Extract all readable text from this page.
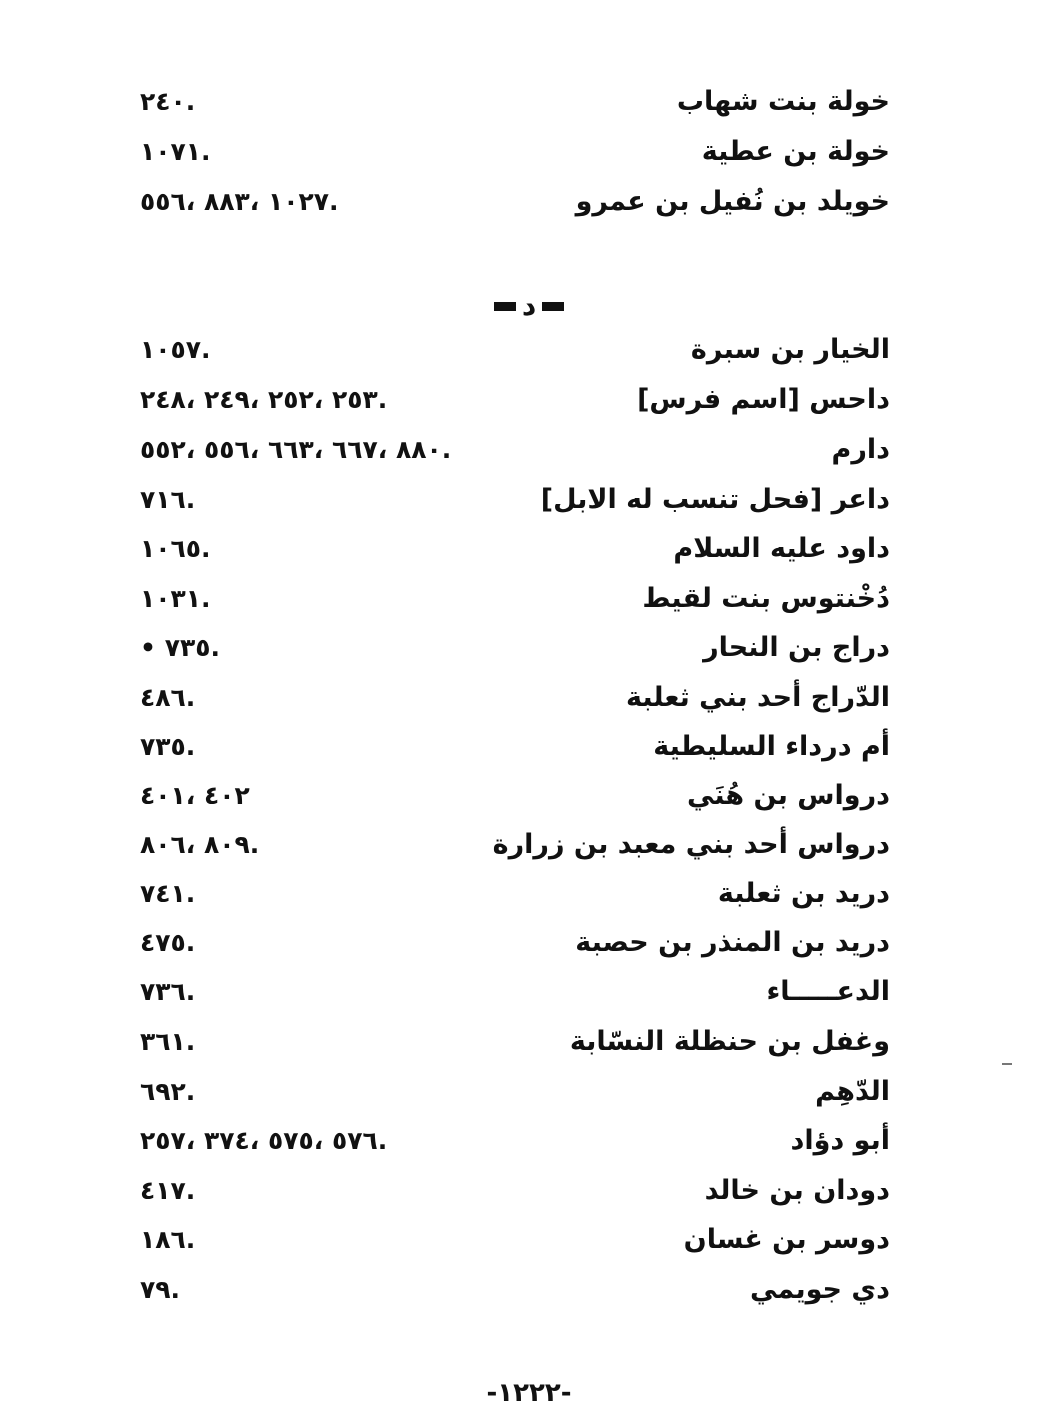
خولة بنت شهاب
.٢٤٠
خولة بن عطية
.١٠٧١
خويلد بن نُفيل بن عمرو
.١٠٢٧ ،٨٨٣ ،٥٥٦
د
الخيار بن سبرة
.١٠٥٧
داحس [اسم فرس]
.٢٥٣ ،٢٥٢ ،٢٤٩ ،٢٤٨
دارم
.٨٨٠ ،٦٦٧ ،٦٦٣ ،٥٥٦ ،٥٥٢
داعر [فحل تنسب له الابل]
.٧١٦
داود عليه السلام
.١٠٦٥
دُخْنتوس بنت لقيط
.١٠٣١
دراج بن النحار
.٧٣٥ •
الدّراج أحد بني ثعلبة
.٤٨٦
أم درداء السليطية
.٧٣٥
درواس بن هُنَي
٤٠٢ ،٤٠١
درواس أحد بني معبد بن زرارة
.٨٠٩ ،٨٠٦
دريد بن ثعلبة
.٧٤١
دريد بن المنذر بن حصبة
.٤٧٥
الدعـــــاء
.٧٣٦
وغفل بن حنظلة النسّابة
.٣٦١
الدّهِم
.٦٩٢
أبو دؤاد
.٥٧٦ ،٥٧٥ ،٣٧٤ ،٢٥٧
دودان بن خالد
.٤١٧
دوسر بن غسان
.١٨٦
دي جويمي
.٧٩
-١٢٢٢-
